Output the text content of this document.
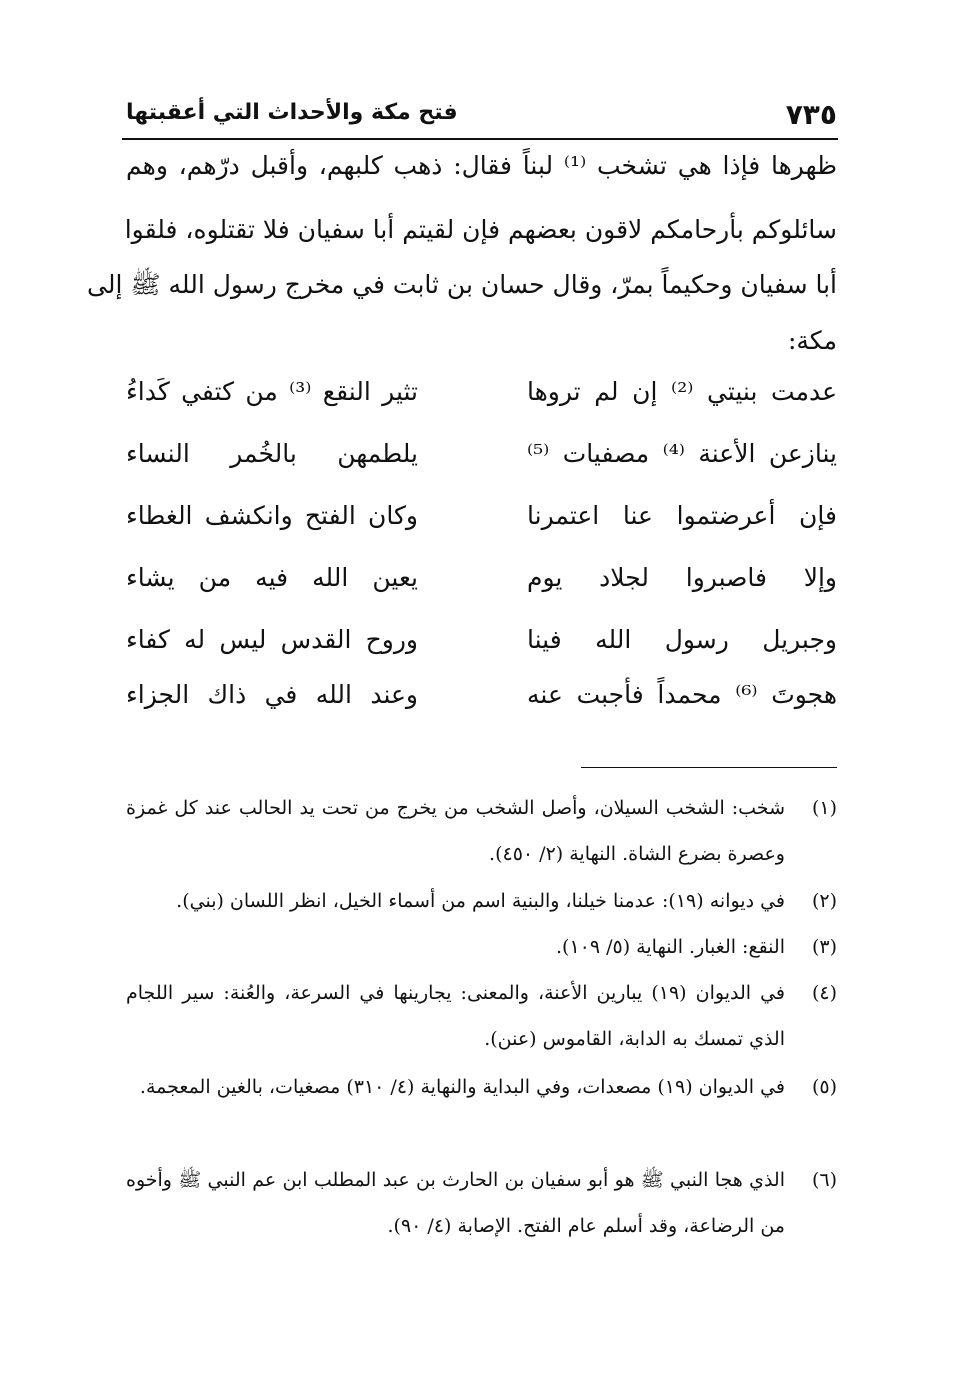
٧٣٥
فتح مكة والأحداث التي أعقبتها
ظهرها فإذا هي تشخب ⁽¹⁾ لبناً فقال: ذهب كلبهم، وأقبل درّهم، وهم
سائلوكم بأرحامكم لاقون بعضهم فإن لقيتم أبا سفيان فلا تقتلوه، فلقوا
أبا سفيان وحكيماً بمرّ، وقال حسان بن ثابت في مخرج رسول الله ﷺ إلى
مكة:
عدمت بنيتي ⁽²⁾ إن لم تروها
تثير النقع ⁽³⁾ من كتفي كَداءُ
ينازعن الأعنة ⁽⁴⁾ مصفيات ⁽⁵⁾
يلطمهن بالخُمر النساء
فإن أعرضتموا عنا اعتمرنا
وكان الفتح وانكشف الغطاء
وإلا فاصبروا لجلاد يوم
يعين الله فيه من يشاء
وجبريل رسول الله فينا
وروح القدس ليس له كفاء
هجوتَ ⁽⁶⁾ محمداً فأجبت عنه
وعند الله في ذاك الجزاء
(١)
شخب: الشخب السيلان، وأصل الشخب من يخرج من تحت يد الحالب عند كل غمزة وعصرة بضرع الشاة. النهاية (٢/ ٤٥٠).
(٢)
في ديوانه (١٩): عدمنا خيلنا، والبنية اسم من أسماء الخيل، انظر اللسان (بني).
(٣)
النقع: الغبار. النهاية (٥/ ١٠٩).
(٤)
في الديوان (١٩) يبارين الأعنة، والمعنى: يجارينها في السرعة، والعُنة: سير اللجام الذي تمسك به الدابة، القاموس (عنن).
(٥)
في الديوان (١٩) مصعدات، وفي البداية والنهاية (٤/ ٣١٠) مصغيات، بالغين المعجمة.
(٦)
الذي هجا النبي ﷺ هو أبو سفيان بن الحارث بن عبد المطلب ابن عم النبي ﷺ وأخوه من الرضاعة، وقد أسلم عام الفتح. الإصابة (٤/ ٩٠).
